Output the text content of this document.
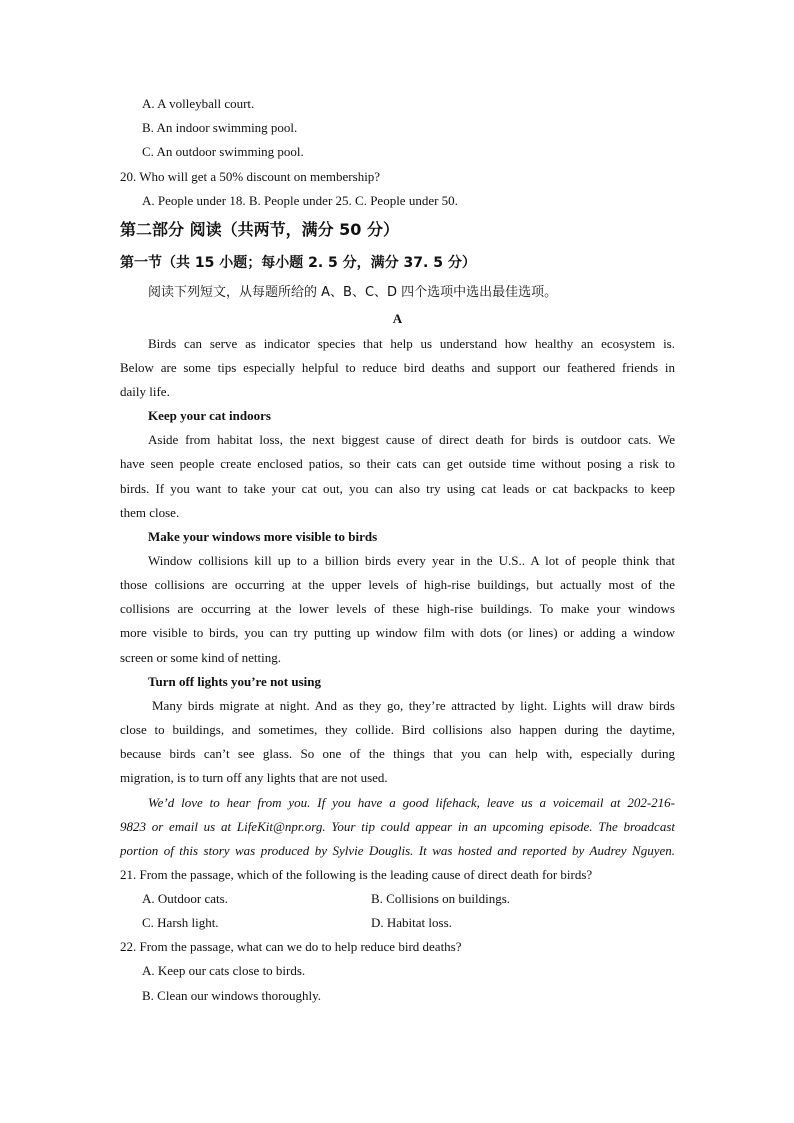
A. A volleyball court.
B. An indoor swimming pool.
C. An outdoor swimming pool.
20. Who will get a 50% discount on membership?
A. People under 18. B. People under 25. C. People under 50.
第二部分 阅读（共两节，满分 50 分）
第一节（共 15 小题；每小题 2. 5 分，满分 37. 5 分）
阅读下列短文，从每题所给的 A、B、C、D 四个选项中选出最佳选项。
A
Birds can serve as indicator species that help us understand how healthy an ecosystem is.
Below are some tips especially helpful to reduce bird deaths and support our feathered friends in
daily life.
Keep your cat indoors
Aside from habitat loss, the next biggest cause of direct death for birds is outdoor cats. We
have seen people create enclosed patios, so their cats can get outside time without posing a risk to
birds. If you want to take your cat out, you can also try using cat leads or cat backpacks to keep
them close.
Make your windows more visible to birds
Window collisions kill up to a billion birds every year in the U.S.. A lot of people think that
those collisions are occurring at the upper levels of high-rise buildings, but actually most of the
collisions are occurring at the lower levels of these high-rise buildings. To make your windows
more visible to birds, you can try putting up window film with dots (or lines) or adding a window
screen or some kind of netting.
Turn off lights you’re not using
Many birds migrate at night. And as they go, they’re attracted by light. Lights will draw birds
close to buildings, and sometimes, they collide. Bird collisions also happen during the daytime,
because birds can’t see glass. So one of the things that you can help with, especially during
migration, is to turn off any lights that are not used.
We’d love to hear from you. If you have a good lifehack, leave us a voicemail at 202-216-
9823 or email us at LifeKit@npr.org. Your tip could appear in an upcoming episode. The broadcast
portion of this story was produced by Sylvie Douglis. It was hosted and reported by Audrey Nguyen.
21. From the passage, which of the following is the leading cause of direct death for birds?
A. Outdoor cats.	B. Collisions on buildings.
C. Harsh light.	D. Habitat loss.
22. From the passage, what can we do to help reduce bird deaths?
A. Keep our cats close to birds.
B. Clean our windows thoroughly.
